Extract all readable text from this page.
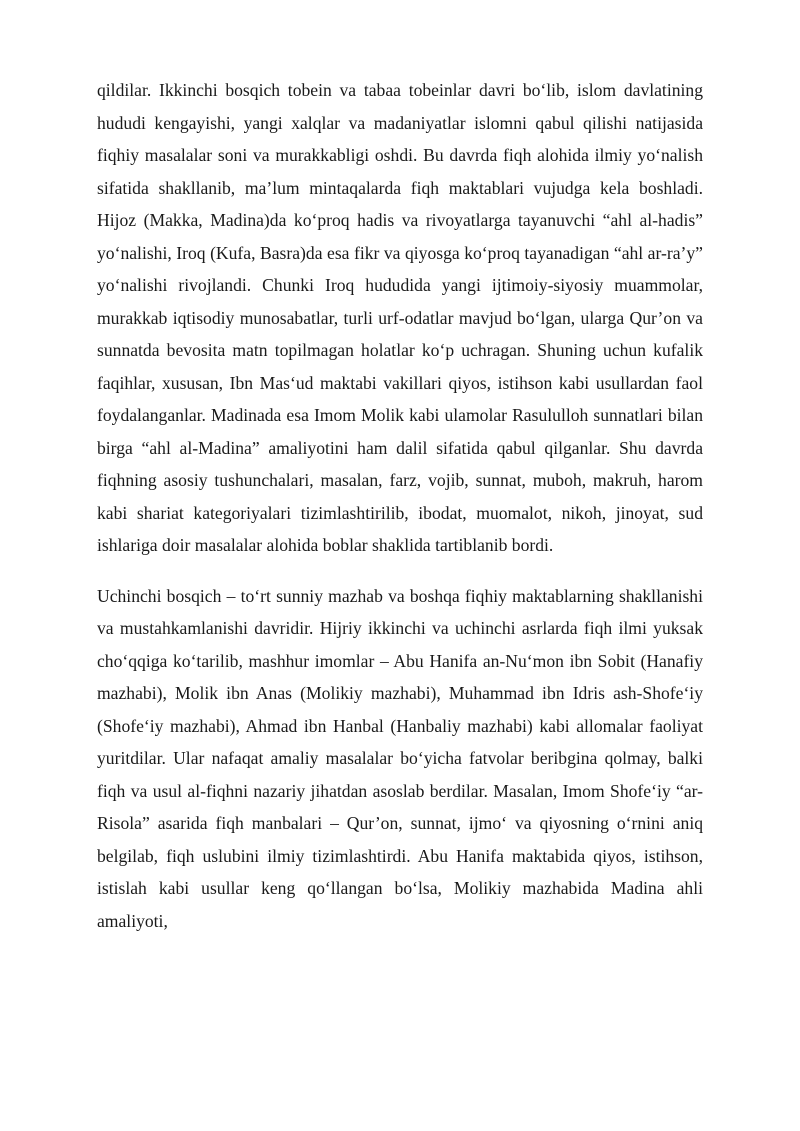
qildilar. Ikkinchi bosqich tobein va tabaa tobeinlar davri bo‘lib, islom davlatining hududi kengayishi, yangi xalqlar va madaniyatlar islomni qabul qilishi natijasida fiqhiy masalalar soni va murakkabligi oshdi. Bu davrda fiqh alohida ilmiy yo‘nalish sifatida shakllanib, ma’lum mintaqalarda fiqh maktablari vujudga kela boshladi. Hijoz (Makka, Madina)da ko‘proq hadis va rivoyatlarga tayanuvchi “ahl al-hadis” yo‘nalishi, Iroq (Kufa, Basra)da esa fikr va qiyosga ko‘proq tayanadigan “ahl ar-ra’y” yo‘nalishi rivojlandi. Chunki Iroq hududida yangi ijtimoiy-siyosiy muammolar, murakkab iqtisodiy munosabatlar, turli urf-odatlar mavjud bo‘lgan, ularga Qur’on va sunnatda bevosita matn topilmagan holatlar ko‘p uchragan. Shuning uchun kufalik faqihlar, xususan, Ibn Mas‘ud maktabi vakillari qiyos, istihson kabi usullardan faol foydalanganlar. Madinada esa Imom Molik kabi ulamolar Rasululloh sunnatlari bilan birga “ahl al-Madina” amaliyotini ham dalil sifatida qabul qilganlar. Shu davrda fiqhning asosiy tushunchalari, masalan, farz, vojib, sunnat, muboh, makruh, harom kabi shariat kategoriyalari tizimlashtirilib, ibodat, muomalot, nikoh, jinoyat, sud ishlariga doir masalalar alohida boblar shaklida tartiblanib bordi.

Uchinchi bosqich – to‘rt sunniy mazhab va boshqa fiqhiy maktablarning shakllanishi va mustahkamlanishi davridir. Hijriy ikkinchi va uchinchi asrlarda fiqh ilmi yuksak cho‘qqiga ko‘tarilib, mashhur imomlar – Abu Hanifa an-Nu‘mon ibn Sobit (Hanafiy mazhabi), Molik ibn Anas (Molikiy mazhabi), Muhammad ibn Idris ash-Shofe‘iy (Shofe‘iy mazhabi), Ahmad ibn Hanbal (Hanbaliy mazhabi) kabi allomalar faoliyat yuritdilar. Ular nafaqat amaliy masalalar bo‘yicha fatvolar beribgina qolmay, balki fiqh va usul al-fiqhni nazariy jihatdan asoslab berdilar. Masalan, Imom Shofe‘iy “ar-Risola” asarida fiqh manbalari – Qur’on, sunnat, ijmo‘ va qiyosning o‘rnini aniq belgilab, fiqh uslubini ilmiy tizimlashtirdi. Abu Hanifa maktabida qiyos, istihson, istislah kabi usullar keng qo‘llangan bo‘lsa, Molikiy mazhabida Madina ahli amaliyoti,
